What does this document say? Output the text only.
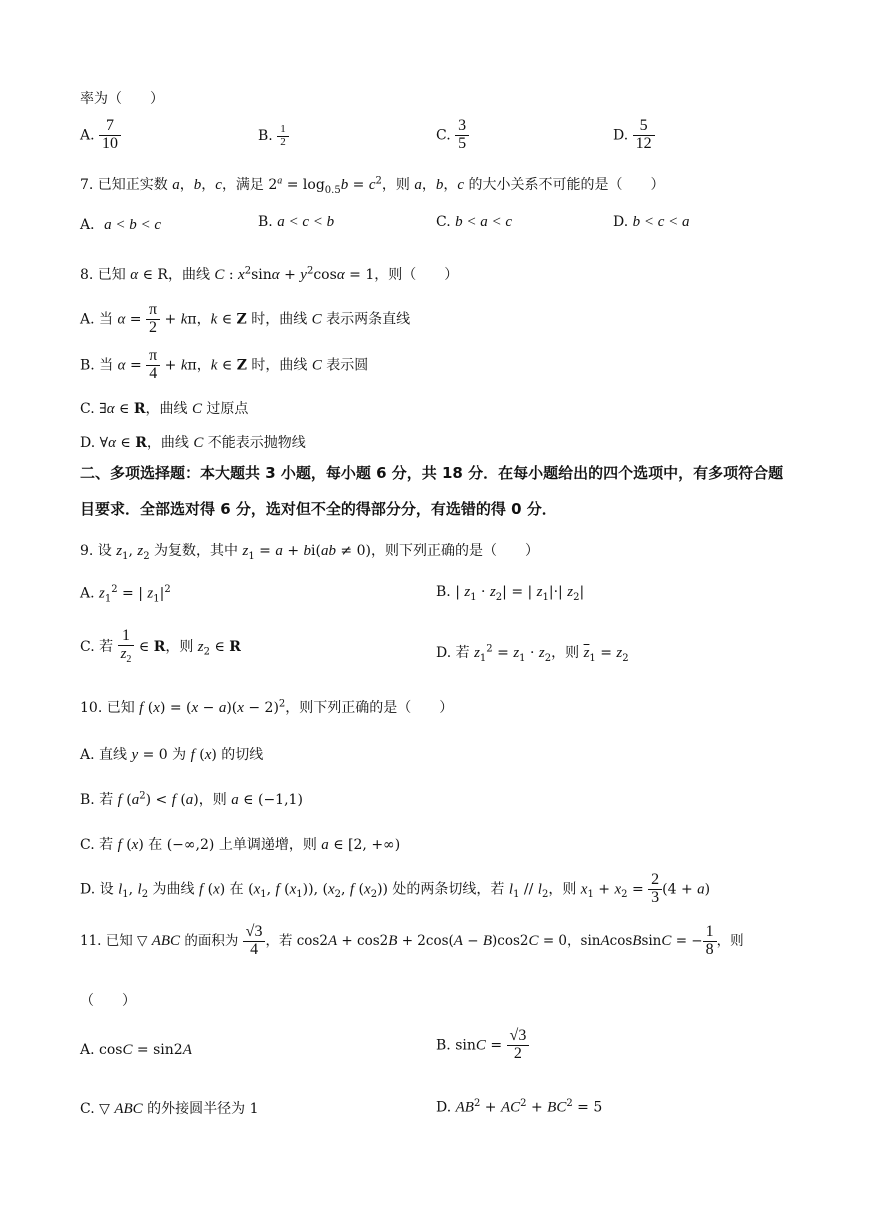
率为（　　）
A. $\frac{7}{10}$	B. $\frac{1}{2}$	C. $\frac{3}{5}$	D. $\frac{5}{12}$
7. 已知正实数 a，b，c，满足 $2^a = \log_{0.5}b = c^2$，则 a，b，c 的大小关系不可能的是（　　）
A．a < b < c	B. a < c < b	C. b < a < c	D. b < c < a
8. 已知 α ∈ R，曲线 C : $x^2\sin\alpha + y^2\cos\alpha = 1$，则（　　）
A. 当 $\alpha = \frac{\pi}{2} + k\pi$，k ∈ Z 时，曲线 C 表示两条直线
B. 当 $\alpha = \frac{\pi}{4} + k\pi$，k ∈ Z 时，曲线 C 表示圆
C. ∃α ∈ R，曲线 C 过原点
D. ∀α ∈ R，曲线 C 不能表示抛物线
二、多项选择题：本大题共 3 小题，每小题 6 分，共 18 分．在每小题给出的四个选项中，有多项符合题目要求．全部选对得 6 分，选对但不全的得部分分，有选错的得 0 分．
9. 设 $z_1$, $z_2$ 为复数，其中 $z_1 = a + bi(ab \ne 0)$，则下列正确的是（　　）
A. $z_1^2$ = | $z_1|^2$	B. | $z_1 \cdot z_2|$ = | $z_1|\cdot|$ $z_2|$
C. 若 $\frac{1}{z_2}$ ∈ R，则 $z_2$ ∈ R	D. 若 $z_1^2 = z_1 \cdot z_2$，则 $\overline{z}_1 = z_2$
10. 已知 f $(x) = (x - a)(x - 2)^2$，则下列正确的是（　　）
A. 直线 y = 0 为 f (x) 的切线
B. 若 f $(a^2) < f$ (a)，则 a ∈ (−1,1)
C. 若 f (x) 在 (−∞,2) 上单调递增，则 a ∈ [2, +∞)
D. 设 $l_1$, $l_2$ 为曲线 f (x) 在 ($x_1$, f $(x_1)$), ($x_2$, f $(x_2)$) 处的两条切线，若 $l_1 // l_2$，则 $x_1 + x_2 = \frac{2}{3} (4 + a)$
11. 已知 ▽ ABC 的面积为 $\frac{√3}{4}$ ，若 cos2A + cos2B + 2cos(A − B)cos2C = 0，sinAcosBsinC = − $\frac{1}{8}$ ，则
（　　）
A. cosC = sin2A	B. $\sin C = \frac{√3}{2}$
C. ▽ ABC 的外接圆半径为 1	D. $AB^2 + AC^2 + BC^2 = 5$
